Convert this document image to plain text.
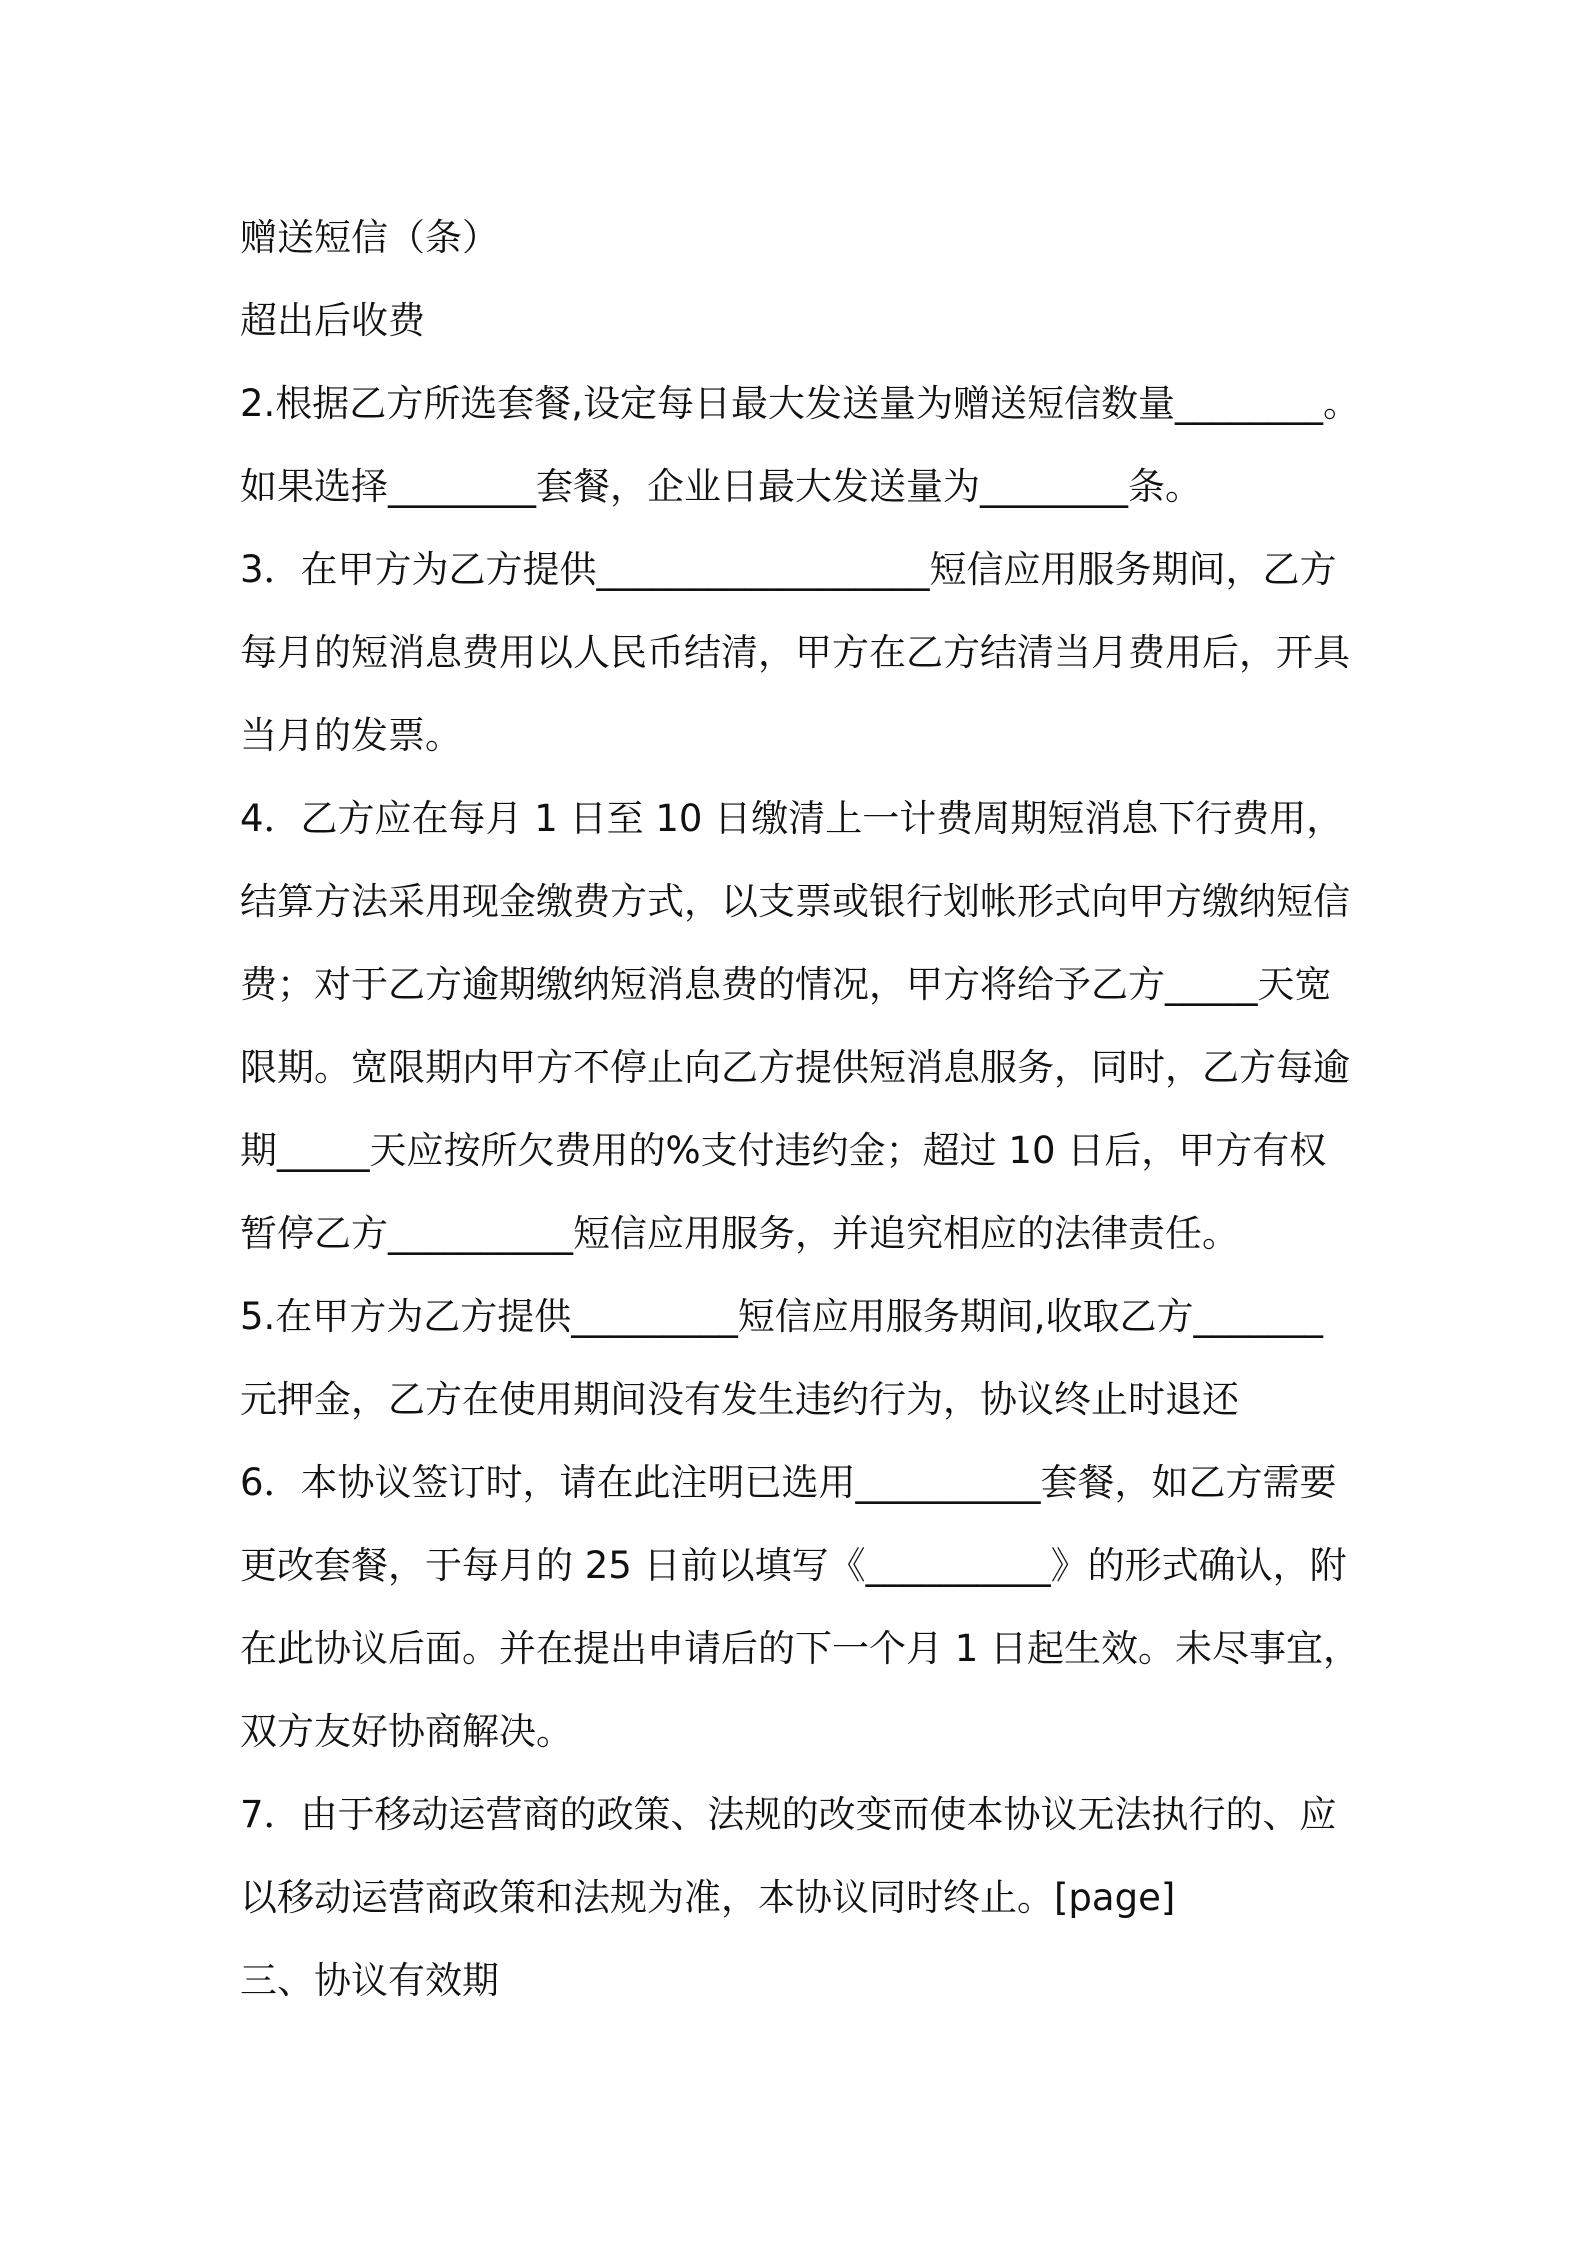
赠送短信（条）
超出后收费
2.根据乙方所选套餐,设定每日最大发送量为赠送短信数量________。
如果选择________套餐，企业日最大发送量为________条。
3．在甲方为乙方提供__________________短信应用服务期间，乙方
每月的短消息费用以人民币结清，甲方在乙方结清当月费用后，开具
当月的发票。
4．乙方应在每月 1 日至 10 日缴清上一计费周期短消息下行费用，
结算方法采用现金缴费方式，以支票或银行划帐形式向甲方缴纳短信
费；对于乙方逾期缴纳短消息费的情况，甲方将给予乙方_____天宽
限期。宽限期内甲方不停止向乙方提供短消息服务，同时，乙方每逾
期_____天应按所欠费用的%支付违约金；超过 10 日后，甲方有权
暂停乙方__________短信应用服务，并追究相应的法律责任。
5.在甲方为乙方提供_________短信应用服务期间,收取乙方_______
元押金，乙方在使用期间没有发生违约行为，协议终止时退还
6．本协议签订时，请在此注明已选用__________套餐，如乙方需要
更改套餐，于每月的 25 日前以填写《__________》的形式确认，附
在此协议后面。并在提出申请后的下一个月 1 日起生效。未尽事宜，
双方友好协商解决。
7．由于移动运营商的政策、法规的改变而使本协议无法执行的、应
以移动运营商政策和法规为准，本协议同时终止。[page]
三、协议有效期
